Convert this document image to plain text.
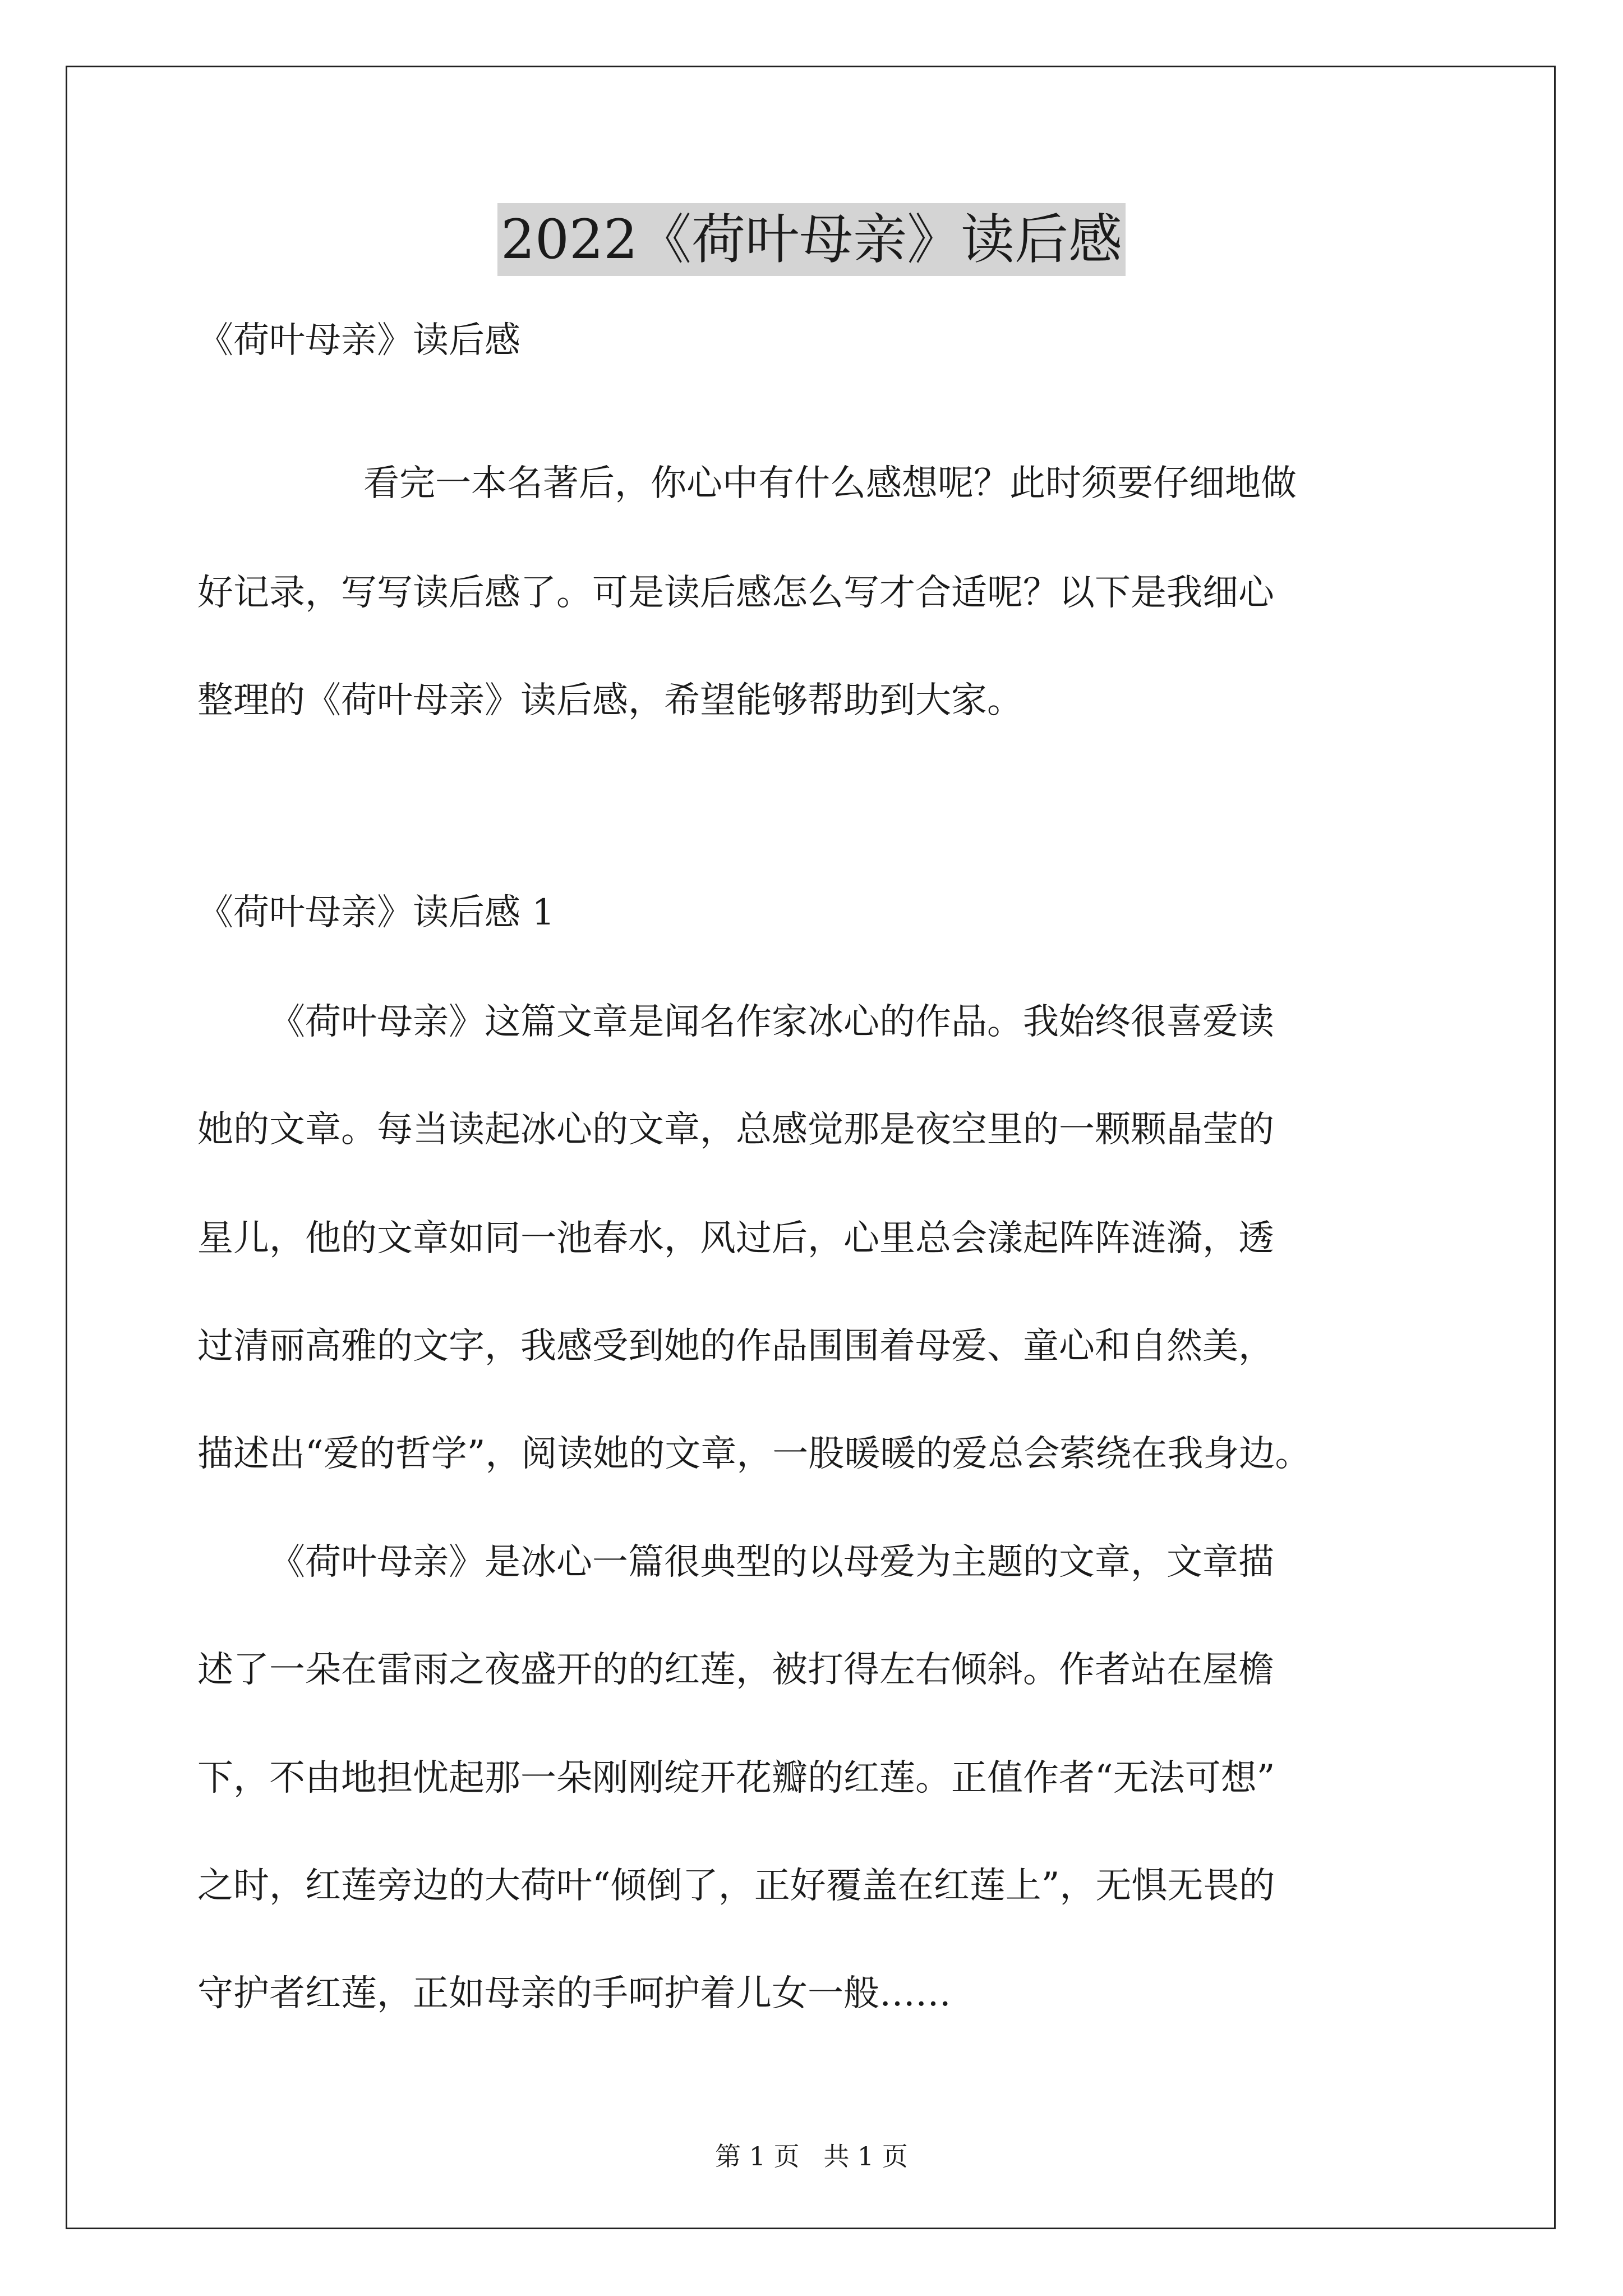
2022《荷叶母亲》读后感

《荷叶母亲》读后感

看完一本名著后，你心中有什么感想呢？此时须要仔细地做

好记录，写写读后感了。可是读后感怎么写才合适呢？以下是我细心

整理的《荷叶母亲》读后感，希望能够帮助到大家。

《荷叶母亲》读后感 1

《荷叶母亲》这篇文章是闻名作家冰心的作品。我始终很喜爱读

她的文章。每当读起冰心的文章，总感觉那是夜空里的一颗颗晶莹的

星儿，他的文章如同一池春水，风过后，心里总会漾起阵阵涟漪，透

过清丽高雅的文字，我感受到她的作品围围着母爱、童心和自然美，

描述出“爱的哲学”，阅读她的文章，一股暖暖的爱总会萦绕在我身边。

《荷叶母亲》是冰心一篇很典型的以母爱为主题的文章，文章描

述了一朵在雷雨之夜盛开的的红莲，被打得左右倾斜。作者站在屋檐

下，不由地担忧起那一朵刚刚绽开花瓣的红莲。正值作者“无法可想”

之时，红莲旁边的大荷叶“倾倒了，正好覆盖在红莲上”，无惧无畏的

守护者红莲，正如母亲的手呵护着儿女一般……

第 1 页 共 1 页
